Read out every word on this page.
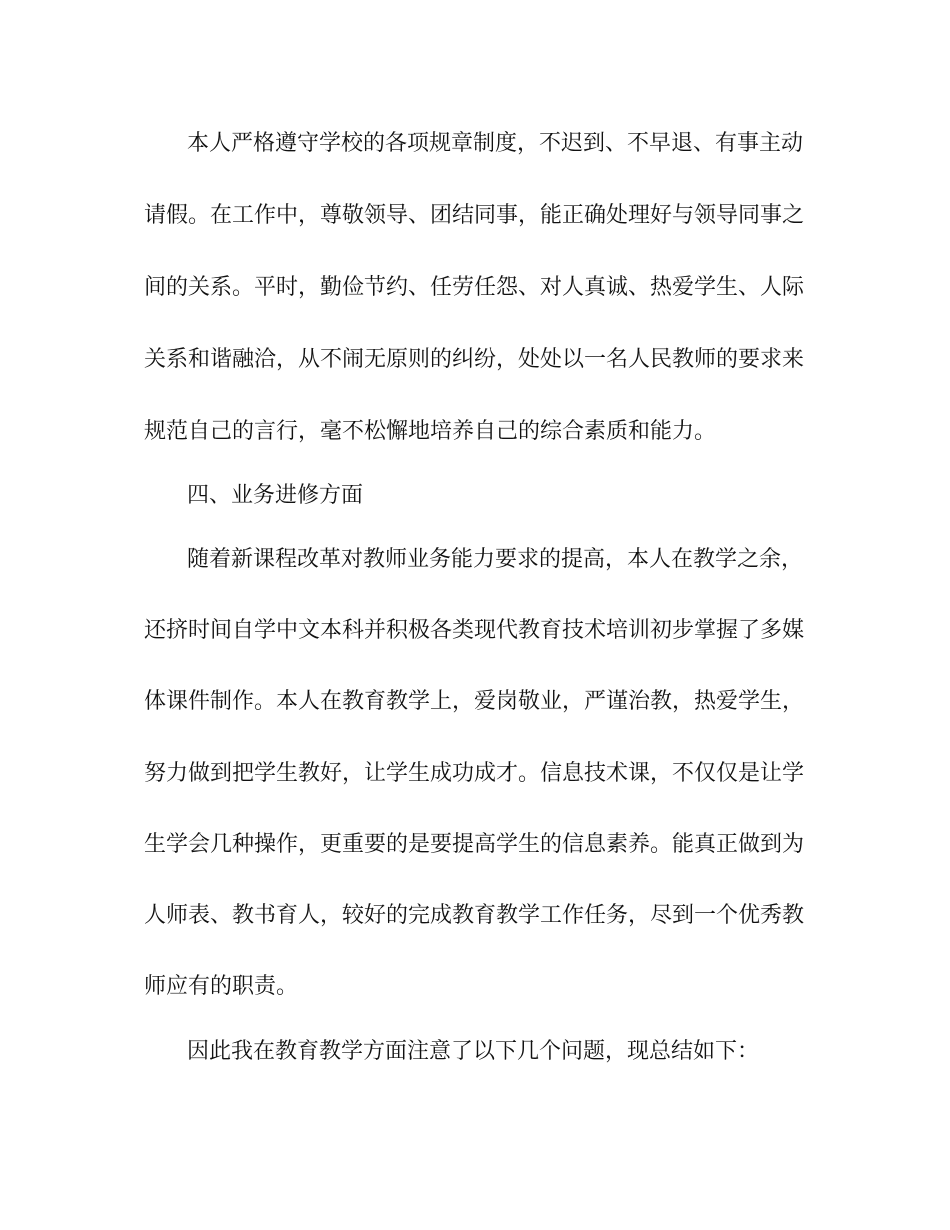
本人严格遵守学校的各项规章制度，不迟到、不早退、有事主动
请假。在工作中，尊敬领导、团结同事，能正确处理好与领导同事之
间的关系。平时，勤俭节约、任劳任怨、对人真诚、热爱学生、人际
关系和谐融洽，从不闹无原则的纠纷，处处以一名人民教师的要求来
规范自己的言行，毫不松懈地培养自己的综合素质和能力。
四、业务进修方面
随着新课程改革对教师业务能力要求的提高，本人在教学之余，
还挤时间自学中文本科并积极各类现代教育技术培训初步掌握了多媒
体课件制作。本人在教育教学上，爱岗敬业，严谨治教，热爱学生，
努力做到把学生教好，让学生成功成才。信息技术课，不仅仅是让学
生学会几种操作，更重要的是要提高学生的信息素养。能真正做到为
人师表、教书育人，较好的完成教育教学工作任务，尽到一个优秀教
师应有的职责。
因此我在教育教学方面注意了以下几个问题，现总结如下：
